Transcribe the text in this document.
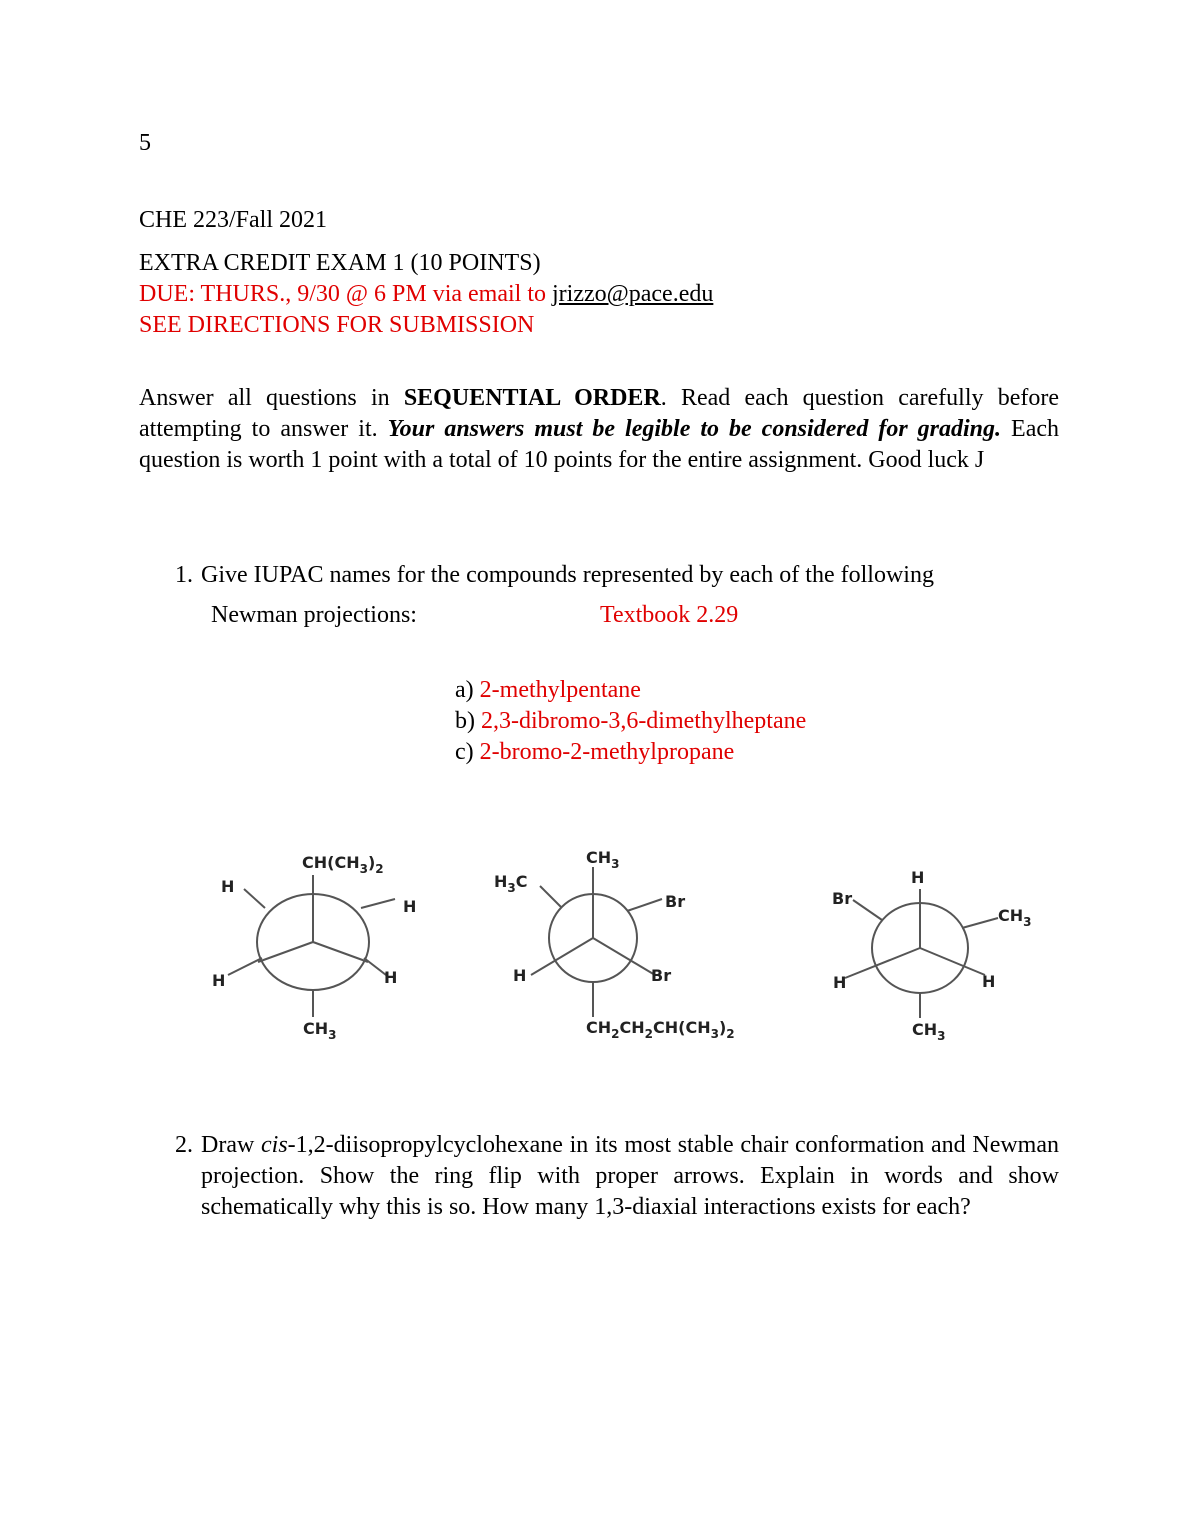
5
CHE 223/Fall 2021
EXTRA CREDIT EXAM 1 (10 POINTS)
DUE: THURS., 9/30 @ 6 PM via email to jrizzo@pace.edu
SEE DIRECTIONS FOR SUBMISSION
Answer all questions in SEQUENTIAL ORDER. Read each question carefully before attempting to answer it. Your answers must be legible to be considered for grading. Each question is worth 1 point with a total of 10 points for the entire assignment. Good luck J
1. Give IUPAC names for the compounds represented by each of the following
Newman projections:	Textbook 2.29
a) 2-methylpentane
b) 2,3-dibromo-3,6-dimethylheptane
c) 2-bromo-2-methylpropane
$CH(CH_3)_2$
H
H
H	H
$CH_3$
$CH_3$
$H_3C$
Br
H	Br
$CH_2CH_2CH(CH_3)_2$
H
Br
$CH_3$
H	H
$CH_3$
2. Draw cis-1,2-diisopropylcyclohexane in its most stable chair conformation and Newman projection. Show the ring flip with proper arrows. Explain in words and show schematically why this is so. How many 1,3-diaxial interactions exists for each?
